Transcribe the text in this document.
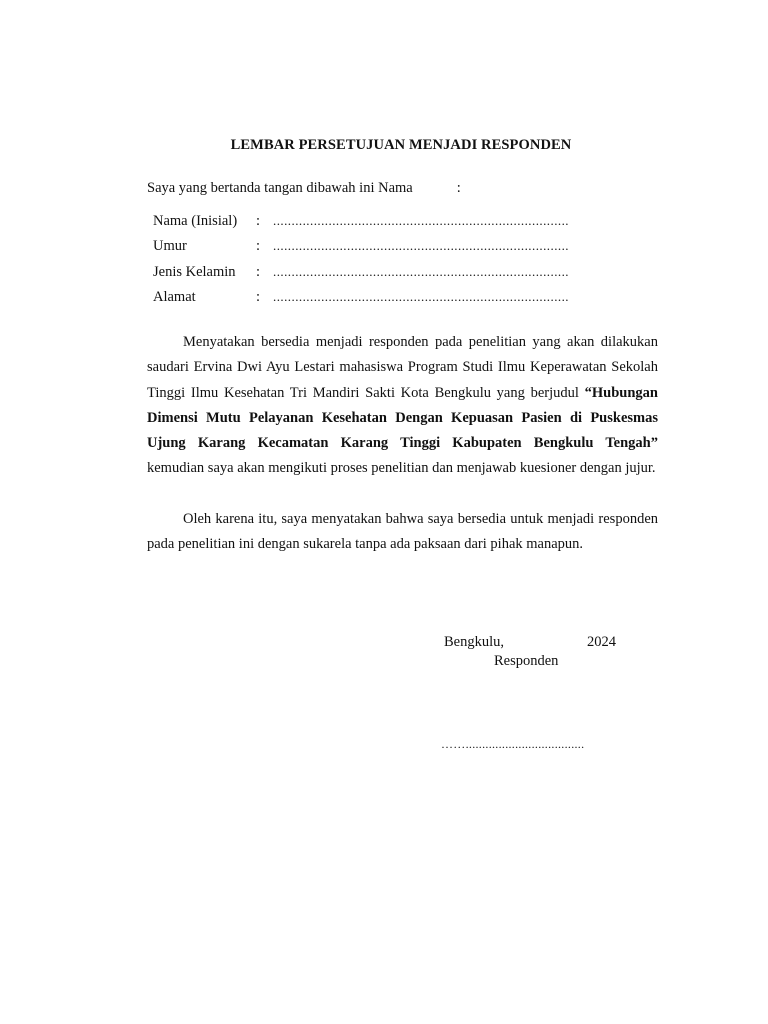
LEMBAR PERSETUJUAN MENJADI RESPONDEN
Saya yang bertanda tangan dibawah ini Nama	:
Nama (Inisial)	: ................................................................................
Umur	: ................................................................................
Jenis Kelamin	: ................................................................................
Alamat	: ................................................................................
Menyatakan bersedia menjadi responden pada penelitian yang akan dilakukan saudari Ervina Dwi Ayu Lestari mahasiswa Program Studi Ilmu Keperawatan Sekolah Tinggi Ilmu Kesehatan Tri Mandiri Sakti Kota Bengkulu yang berjudul “Hubungan Dimensi Mutu Pelayanan Kesehatan Dengan Kepuasan Pasien di Puskesmas Ujung Karang Kecamatan Karang Tinggi Kabupaten Bengkulu Tengah” kemudian saya akan mengikuti proses penelitian dan menjawab kuesioner dengan jujur.
Oleh karena itu, saya menyatakan bahwa saya bersedia untuk menjadi responden pada penelitian ini dengan sukarela tanpa ada paksaan dari pihak manapun.
Bengkulu,	2024
Responden
……....................................
